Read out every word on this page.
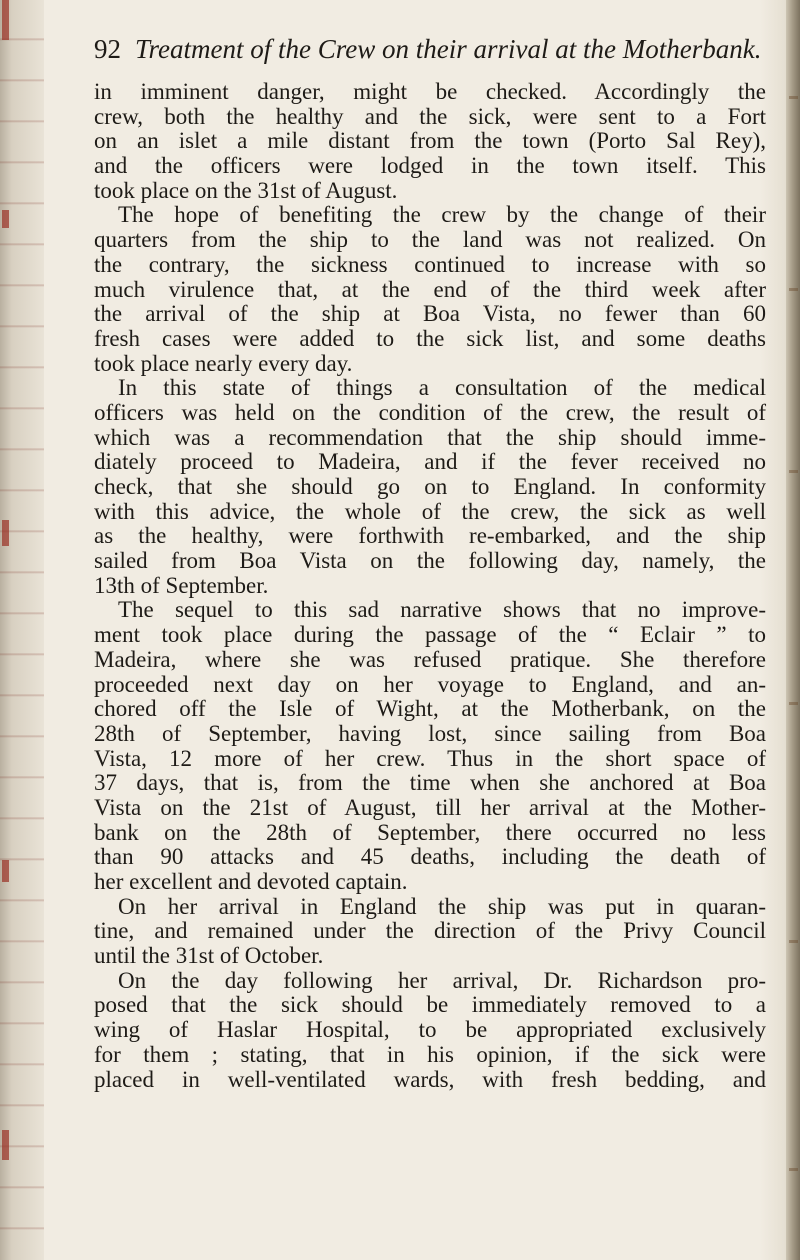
92 Treatment of the Crew on their arrival at the Motherbank.
in imminent danger, might be checked. Accordingly the
crew, both the healthy and the sick, were sent to a Fort
on an islet a mile distant from the town (Porto Sal Rey),
and the officers were lodged in the town itself. This
took place on the 31st of August.
The hope of benefiting the crew by the change of their
quarters from the ship to the land was not realized. On
the contrary, the sickness continued to increase with so
much virulence that, at the end of the third week after
the arrival of the ship at Boa Vista, no fewer than 60
fresh cases were added to the sick list, and some deaths
took place nearly every day.
In this state of things a consultation of the medical
officers was held on the condition of the crew, the result of
which was a recommendation that the ship should imme-
diately proceed to Madeira, and if the fever received no
check, that she should go on to England. In conformity
with this advice, the whole of the crew, the sick as well
as the healthy, were forthwith re-embarked, and the ship
sailed from Boa Vista on the following day, namely, the
13th of September.
The sequel to this sad narrative shows that no improve-
ment took place during the passage of the “ Eclair ” to
Madeira, where she was refused pratique. She therefore
proceeded next day on her voyage to England, and an-
chored off the Isle of Wight, at the Motherbank, on the
28th of September, having lost, since sailing from Boa
Vista, 12 more of her crew. Thus in the short space of
37 days, that is, from the time when she anchored at Boa
Vista on the 21st of August, till her arrival at the Mother-
bank on the 28th of September, there occurred no less
than 90 attacks and 45 deaths, including the death of
her excellent and devoted captain.
On her arrival in England the ship was put in quaran-
tine, and remained under the direction of the Privy Council
until the 31st of October.
On the day following her arrival, Dr. Richardson pro-
posed that the sick should be immediately removed to a
wing of Haslar Hospital, to be appropriated exclusively
for them ; stating, that in his opinion, if the sick were
placed in well-ventilated wards, with fresh bedding, and
